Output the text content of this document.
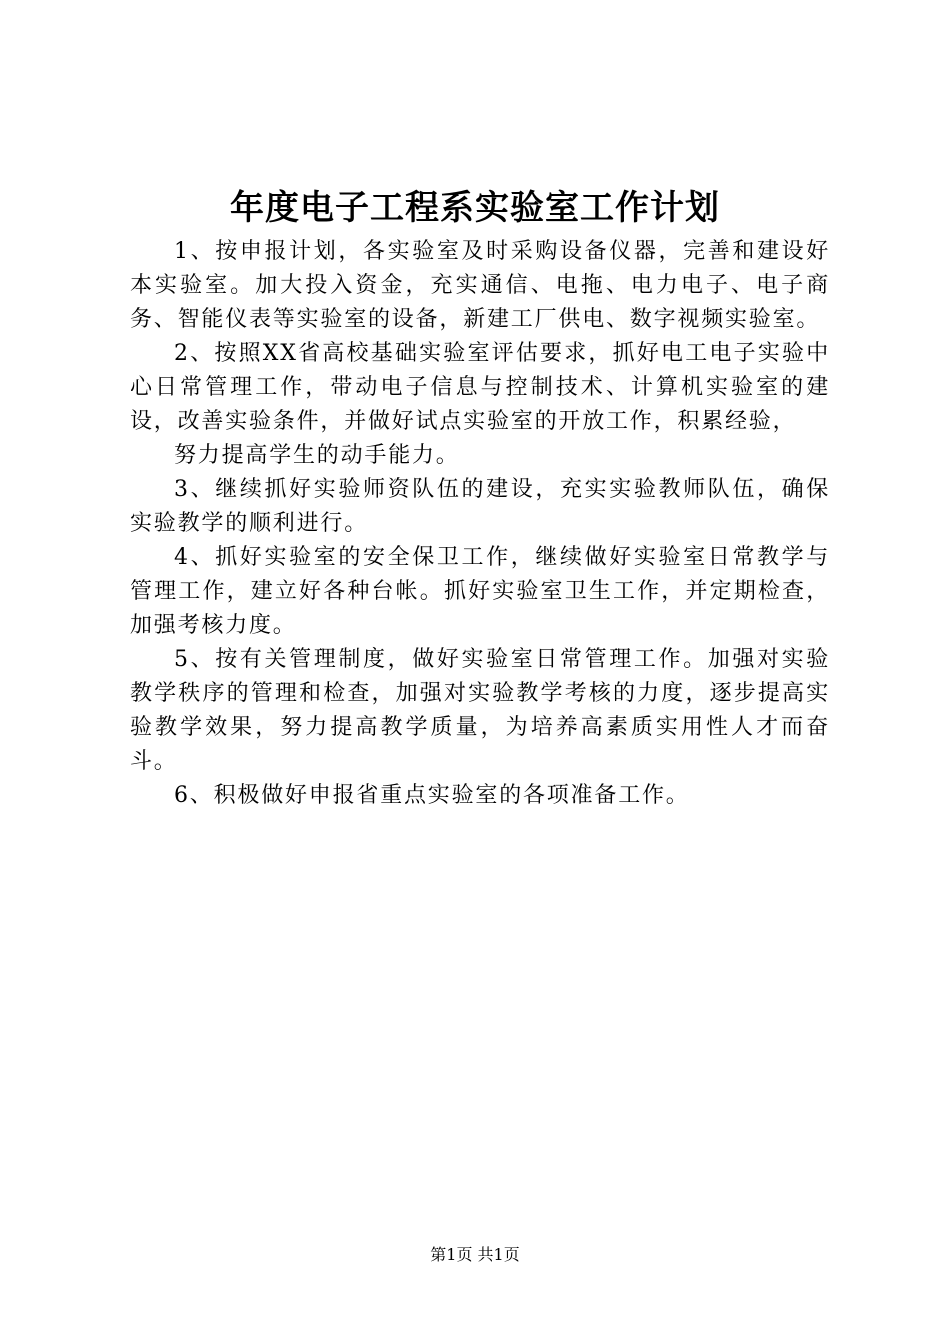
年度电子工程系实验室工作计划

1、按申报计划，各实验室及时采购设备仪器，完善和建设好本实验室。加大投入资金，充实通信、电拖、电力电子、电子商务、智能仪表等实验室的设备，新建工厂供电、数字视频实验室。

2、按照XX省高校基础实验室评估要求，抓好电工电子实验中心日常管理工作，带动电子信息与控制技术、计算机实验室的建设，改善实验条件，并做好试点实验室的开放工作，积累经验，

努力提高学生的动手能力。

3、继续抓好实验师资队伍的建设，充实实验教师队伍，确保实验教学的顺利进行。

4、抓好实验室的安全保卫工作，继续做好实验室日常教学与管理工作，建立好各种台帐。抓好实验室卫生工作，并定期检查，加强考核力度。

5、按有关管理制度，做好实验室日常管理工作。加强对实验教学秩序的管理和检查，加强对实验教学考核的力度，逐步提高实验教学效果，努力提高教学质量，为培养高素质实用性人才而奋斗。

6、积极做好申报省重点实验室的各项准备工作。

第1页 共1页
